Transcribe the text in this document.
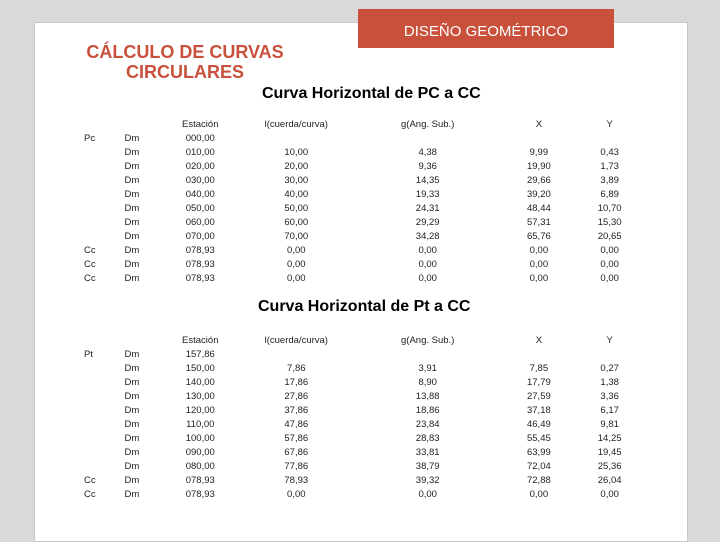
DISEÑO GEOMÉTRICO
CÁLCULO DE CURVAS
CIRCULARES
Curva Horizontal de PC a CC
		Estación	l(cuerda/curva)	g(Ang. Sub.)	X	Y
Pc	Dm	000,00				
	Dm	010,00	10,00	4,38	9,99	0,43
	Dm	020,00	20,00	9,36	19,90	1,73
	Dm	030,00	30,00	14,35	29,66	3,89
	Dm	040,00	40,00	19,33	39,20	6,89
	Dm	050,00	50,00	24,31	48,44	10,70
	Dm	060,00	60,00	29,29	57,31	15,30
	Dm	070,00	70,00	34,28	65,76	20,65
Cc	Dm	078,93	0,00	0,00	0,00	0,00
Cc	Dm	078,93	0,00	0,00	0,00	0,00
Cc	Dm	078,93	0,00	0,00	0,00	0,00
Curva Horizontal de Pt a CC
		Estación	l(cuerda/curva)	g(Ang. Sub.)	X	Y
Pt	Dm	157,86				
	Dm	150,00	7,86	3,91	7,85	0,27
	Dm	140,00	17,86	8,90	17,79	1,38
	Dm	130,00	27,86	13,88	27,59	3,36
	Dm	120,00	37,86	18,86	37,18	6,17
	Dm	110,00	47,86	23,84	46,49	9,81
	Dm	100,00	57,86	28,83	55,45	14,25
	Dm	090,00	67,86	33,81	63,99	19,45
	Dm	080,00	77,86	38,79	72,04	25,36
Cc	Dm	078,93	78,93	39,32	72,88	26,04
Cc	Dm	078,93	0,00	0,00	0,00	0,00
